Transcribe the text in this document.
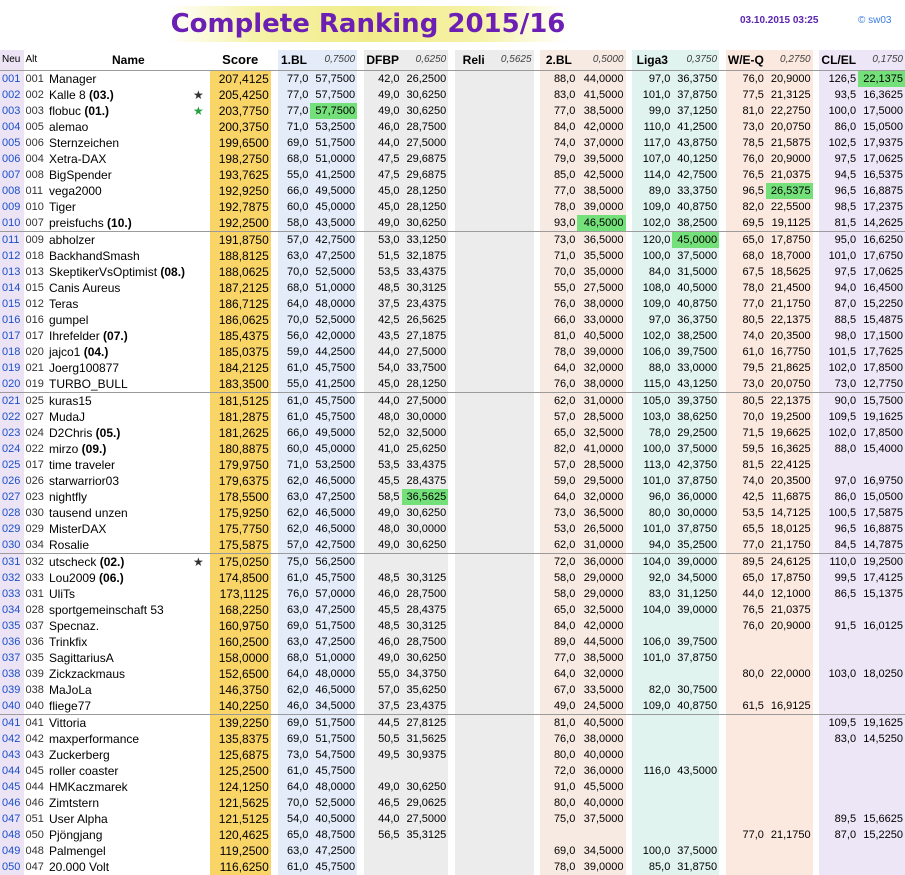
Complete Ranking 2015/16	03.10.2015 03:25	© sw03
Neu	Alt	Name		Score		1.BL	0,7500		DFBP	0,6250		Reli	0,5625		2.BL	0,5000		Liga3	0,3750		W/E-Q	0,2750		CL/EL	0,1750
001	001	Manager		207,4125		77,0	57,7500		42,0	26,2500					88,0	44,0000		97,0	36,3750		76,0	20,9000		126,5	22,1375
002	002	Kalle 8 (03.)	★	205,4250		77,0	57,7500		49,0	30,6250					83,0	41,5000		101,0	37,8750		77,5	21,3125		93,5	16,3625
003	003	flobuc (01.)	★	203,7750		77,0	57,7500		49,0	30,6250					77,0	38,5000		99,0	37,1250		81,0	22,2750		100,0	17,5000
004	005	alemao		200,3750		71,0	53,2500		46,0	28,7500					84,0	42,0000		110,0	41,2500		73,0	20,0750		86,0	15,0500
005	006	Sternzeichen		199,6500		69,0	51,7500		44,0	27,5000					74,0	37,0000		117,0	43,8750		78,5	21,5875		102,5	17,9375
006	004	Xetra-DAX		198,2750		68,0	51,0000		47,5	29,6875					79,0	39,5000		107,0	40,1250		76,0	20,9000		97,5	17,0625
007	008	BigSpender		193,7625		55,0	41,2500		47,5	29,6875					85,0	42,5000		114,0	42,7500		76,5	21,0375		94,5	16,5375
008	011	vega2000		192,9250		66,0	49,5000		45,0	28,1250					77,0	38,5000		89,0	33,3750		96,5	26,5375		96,5	16,8875
009	010	Tiger		192,7875		60,0	45,0000		45,0	28,1250					78,0	39,0000		109,0	40,8750		82,0	22,5500		98,5	17,2375
010	007	preisfuchs (10.)		192,2500		58,0	43,5000		49,0	30,6250					93,0	46,5000		102,0	38,2500		69,5	19,1125		81,5	14,2625
011	009	abholzer		191,8750		57,0	42,7500		53,0	33,1250					73,0	36,5000		120,0	45,0000		65,0	17,8750		95,0	16,6250
012	018	BackhandSmash		188,8125		63,0	47,2500		51,5	32,1875					71,0	35,5000		100,0	37,5000		68,0	18,7000		101,0	17,6750
013	013	SkeptikerVsOptimist (08.)		188,0625		70,0	52,5000		53,5	33,4375					70,0	35,0000		84,0	31,5000		67,5	18,5625		97,5	17,0625
014	015	Canis Aureus		187,2125		68,0	51,0000		48,5	30,3125					55,0	27,5000		108,0	40,5000		78,0	21,4500		94,0	16,4500
015	012	Teras		186,7125		64,0	48,0000		37,5	23,4375					76,0	38,0000		109,0	40,8750		77,0	21,1750		87,0	15,2250
016	016	gumpel		186,0625		70,0	52,5000		42,5	26,5625					66,0	33,0000		97,0	36,3750		80,5	22,1375		88,5	15,4875
017	017	Ihrefelder (07.)		185,4375		56,0	42,0000		43,5	27,1875					81,0	40,5000		102,0	38,2500		74,0	20,3500		98,0	17,1500
018	020	jajco1 (04.)		185,0375		59,0	44,2500		44,0	27,5000					78,0	39,0000		106,0	39,7500		61,0	16,7750		101,5	17,7625
019	021	Joerg100877		184,2125		61,0	45,7500		54,0	33,7500					64,0	32,0000		88,0	33,0000		79,5	21,8625		102,0	17,8500
020	019	TURBO_BULL		183,3500		55,0	41,2500		45,0	28,1250					76,0	38,0000		115,0	43,1250		73,0	20,0750		73,0	12,7750
021	025	kuras15		181,5125		61,0	45,7500		44,0	27,5000					62,0	31,0000		105,0	39,3750		80,5	22,1375		90,0	15,7500
022	027	MudaJ		181,2875		61,0	45,7500		48,0	30,0000					57,0	28,5000		103,0	38,6250		70,0	19,2500		109,5	19,1625
023	024	D2Chris (05.)		181,2625		66,0	49,5000		52,0	32,5000					65,0	32,5000		78,0	29,2500		71,5	19,6625		102,0	17,8500
024	022	mirzo (09.)		180,8875		60,0	45,0000		41,0	25,6250					82,0	41,0000		100,0	37,5000		59,5	16,3625		88,0	15,4000
025	017	time traveler		179,9750		71,0	53,2500		53,5	33,4375					57,0	28,5000		113,0	42,3750		81,5	22,4125			
026	026	starwarrior03		179,6375		62,0	46,5000		45,5	28,4375					59,0	29,5000		101,0	37,8750		74,0	20,3500		97,0	16,9750
027	023	nightfly		178,5500		63,0	47,2500		58,5	36,5625					64,0	32,0000		96,0	36,0000		42,5	11,6875		86,0	15,0500
028	030	tausend unzen		175,9250		62,0	46,5000		49,0	30,6250					73,0	36,5000		80,0	30,0000		53,5	14,7125		100,5	17,5875
029	029	MisterDAX		175,7750		62,0	46,5000		48,0	30,0000					53,0	26,5000		101,0	37,8750		65,5	18,0125		96,5	16,8875
030	034	Rosalie		175,5875		57,0	42,7500		49,0	30,6250					62,0	31,0000		94,0	35,2500		77,0	21,1750		84,5	14,7875
031	032	utscheck (02.)	★	175,0250		75,0	56,2500								72,0	36,0000		104,0	39,0000		89,5	24,6125		110,0	19,2500
032	033	Lou2009 (06.)		174,8500		61,0	45,7500		48,5	30,3125					58,0	29,0000		92,0	34,5000		65,0	17,8750		99,5	17,4125
033	031	UliTs		173,1125		76,0	57,0000		46,0	28,7500					58,0	29,0000		83,0	31,1250		44,0	12,1000		86,5	15,1375
034	028	sportgemeinschaft 53		168,2250		63,0	47,2500		45,5	28,4375					65,0	32,5000		104,0	39,0000		76,5	21,0375			
035	037	Specnaz.		160,9750		69,0	51,7500		48,5	30,3125					84,0	42,0000					76,0	20,9000		91,5	16,0125
036	036	Trinkfix		160,2500		63,0	47,2500		46,0	28,7500					89,0	44,5000		106,0	39,7500						
037	035	SagittariusA		158,0000		68,0	51,0000		49,0	30,6250					77,0	38,5000		101,0	37,8750						
038	039	Zickzackmaus		152,6500		64,0	48,0000		55,0	34,3750					64,0	32,0000					80,0	22,0000		103,0	18,0250
039	038	MaJoLa		146,3750		62,0	46,5000		57,0	35,6250					67,0	33,5000		82,0	30,7500						
040	040	fliege77		140,2250		46,0	34,5000		37,5	23,4375					49,0	24,5000		109,0	40,8750		61,5	16,9125			
041	041	Vittoria		139,2250		69,0	51,7500		44,5	27,8125					81,0	40,5000								109,5	19,1625
042	042	maxperformance		135,8375		69,0	51,7500		50,5	31,5625					76,0	38,0000								83,0	14,5250
043	043	Zuckerberg		125,6875		73,0	54,7500		49,5	30,9375					80,0	40,0000									
044	045	roller coaster		125,2500		61,0	45,7500								72,0	36,0000		116,0	43,5000						
045	044	HMKaczmarek		124,1250		64,0	48,0000		49,0	30,6250					91,0	45,5000									
046	046	Zimtstern		121,5625		70,0	52,5000		46,5	29,0625					80,0	40,0000									
047	051	User Alpha		121,5125		54,0	40,5000		44,0	27,5000					75,0	37,5000								89,5	15,6625
048	050	Pjöngjang		120,4625		65,0	48,7500		56,5	35,3125											77,0	21,1750		87,0	15,2250
049	048	Palmengel		119,2500		63,0	47,2500								69,0	34,5000		100,0	37,5000						
050	047	20.000 Volt		116,6250		61,0	45,7500								78,0	39,0000		85,0	31,8750						
